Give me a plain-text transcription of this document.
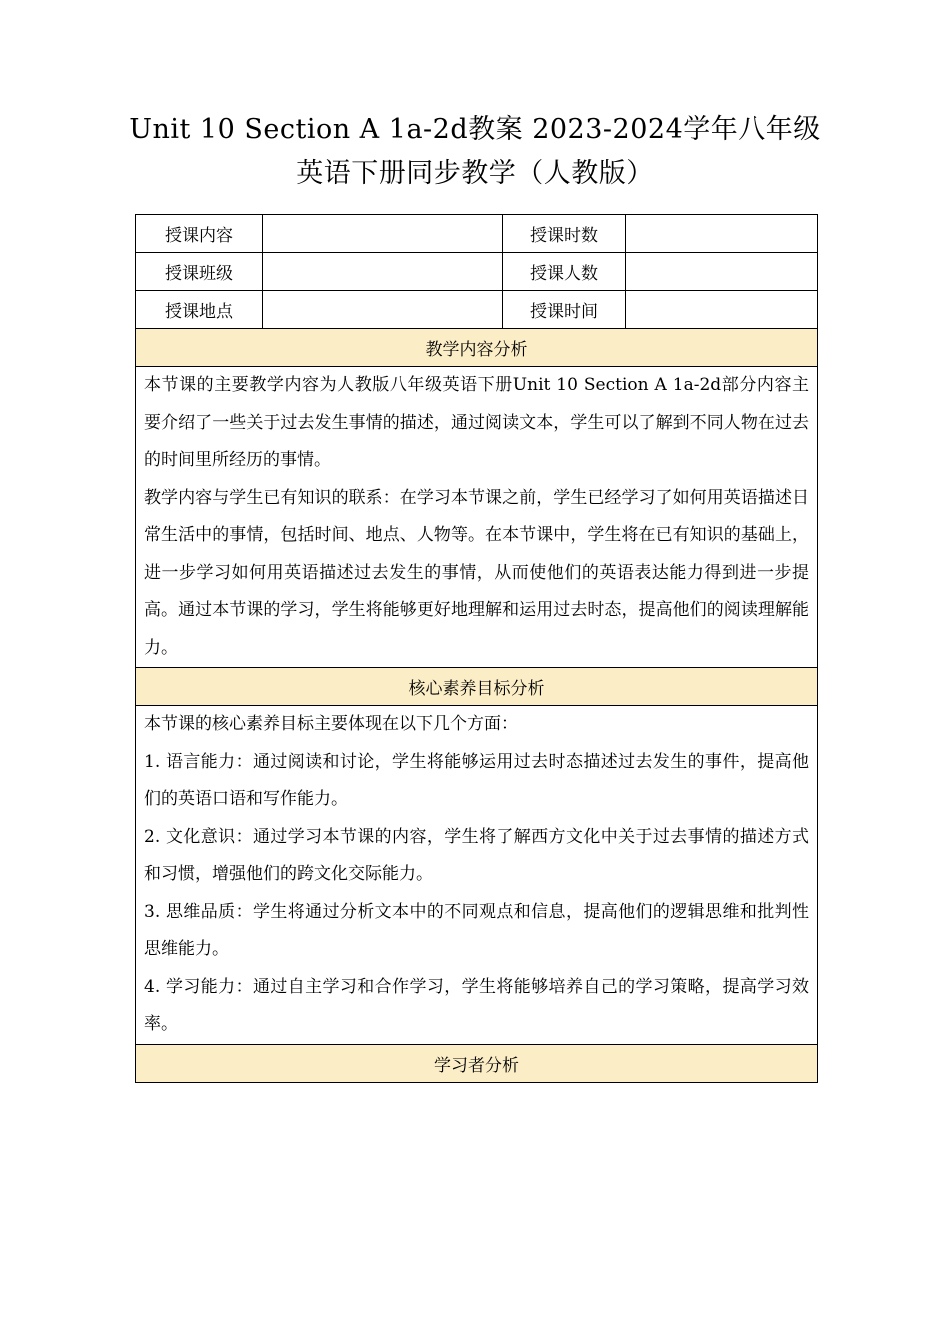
Unit 10 Section A 1a-2d教案 2023-2024学年八年级
英语下册同步教学（人教版）
授课内容		授课时数	
授课班级		授课人数	
授课地点		授课时间	
教学内容分析			

本节课的主要教学内容为人教版八年级英语下册Unit 10 Section A 1a-2d部分内容主要介绍了一些关于过去发生事情的描述，通过阅读文本，学生可以了解到不同人物在过去的时间里所经历的事情。

教学内容与学生已有知识的联系：在学习本节课之前，学生已经学习了如何用英语描述日常生活中的事情，包括时间、地点、人物等。在本节课中，学生将在已有知识的基础上，进一步学习如何用英语描述过去发生的事情，从而使他们的英语表达能力得到进一步提高。通过本节课的学习，学生将能够更好地理解和运用过去时态，提高他们的阅读理解能力。			

核心素养目标分析			

本节课的核心素养目标主要体现在以下几个方面：

1. 语言能力：通过阅读和讨论，学生将能够运用过去时态描述过去发生的事件，提高他们的英语口语和写作能力。

2. 文化意识：通过学习本节课的内容，学生将了解西方文化中关于过去事情的描述方式和习惯，增强他们的跨文化交际能力。

3. 思维品质：学生将通过分析文本中的不同观点和信息，提高他们的逻辑思维和批判性思维能力。

4. 学习能力：通过自主学习和合作学习，学生将能够培养自己的学习策略，提高学习效率。			

学习者分析			
